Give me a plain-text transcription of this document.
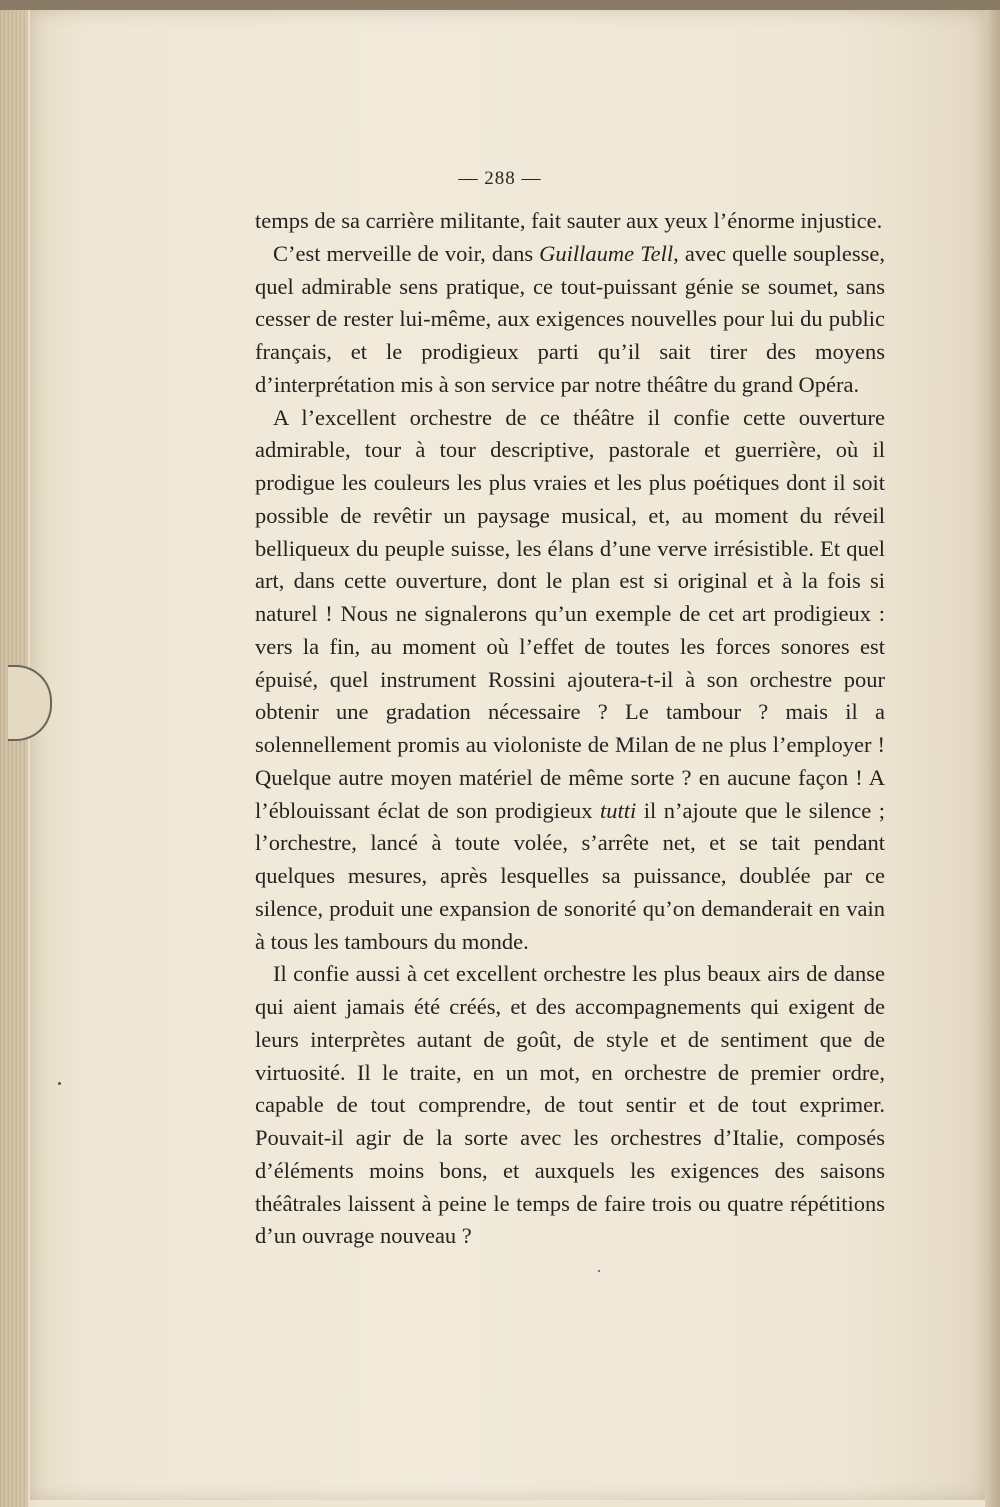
— 288 —

temps de sa carrière militante, fait sauter aux yeux l’énorme injustice.

C’est merveille de voir, dans Guillaume Tell, avec quelle souplesse, quel admirable sens pratique, ce tout-puissant génie se soumet, sans cesser de rester lui-même, aux exigences nouvelles pour lui du public français, et le prodigieux parti qu’il sait tirer des moyens d’interprétation mis à son service par notre théâtre du grand Opéra.

A l’excellent orchestre de ce théâtre il confie cette ouverture admirable, tour à tour descriptive, pastorale et guerrière, où il prodigue les couleurs les plus vraies et les plus poétiques dont il soit possible de revêtir un paysage musical, et, au moment du réveil belliqueux du peuple suisse, les élans d’une verve irrésistible. Et quel art, dans cette ouverture, dont le plan est si original et à la fois si naturel ! Nous ne signalerons qu’un exemple de cet art prodigieux : vers la fin, au moment où l’effet de toutes les forces sonores est épuisé, quel instrument Rossini ajoutera-t-il à son orchestre pour obtenir une gradation nécessaire ? Le tambour ? mais il a solennellement promis au violoniste de Milan de ne plus l’employer ! Quelque autre moyen matériel de même sorte ? en aucune façon ! A l’éblouissant éclat de son prodigieux tutti il n’ajoute que le silence ; l’orchestre, lancé à toute volée, s’arrête net, et se tait pendant quelques mesures, après lesquelles sa puissance, doublée par ce silence, produit une expansion de sonorité qu’on demanderait en vain à tous les tambours du monde.

Il confie aussi à cet excellent orchestre les plus beaux airs de danse qui aient jamais été créés, et des accompagnements qui exigent de leurs interprètes autant de goût, de style et de sentiment que de virtuosité. Il le traite, en un mot, en orchestre de premier ordre, capable de tout comprendre, de tout sentir et de tout exprimer. Pouvait-il agir de la sorte avec les orchestres d’Italie, composés d’éléments moins bons, et auxquels les exigences des saisons théâtrales laissent à peine le temps de faire trois ou quatre répétitions d’un ouvrage nouveau ?
